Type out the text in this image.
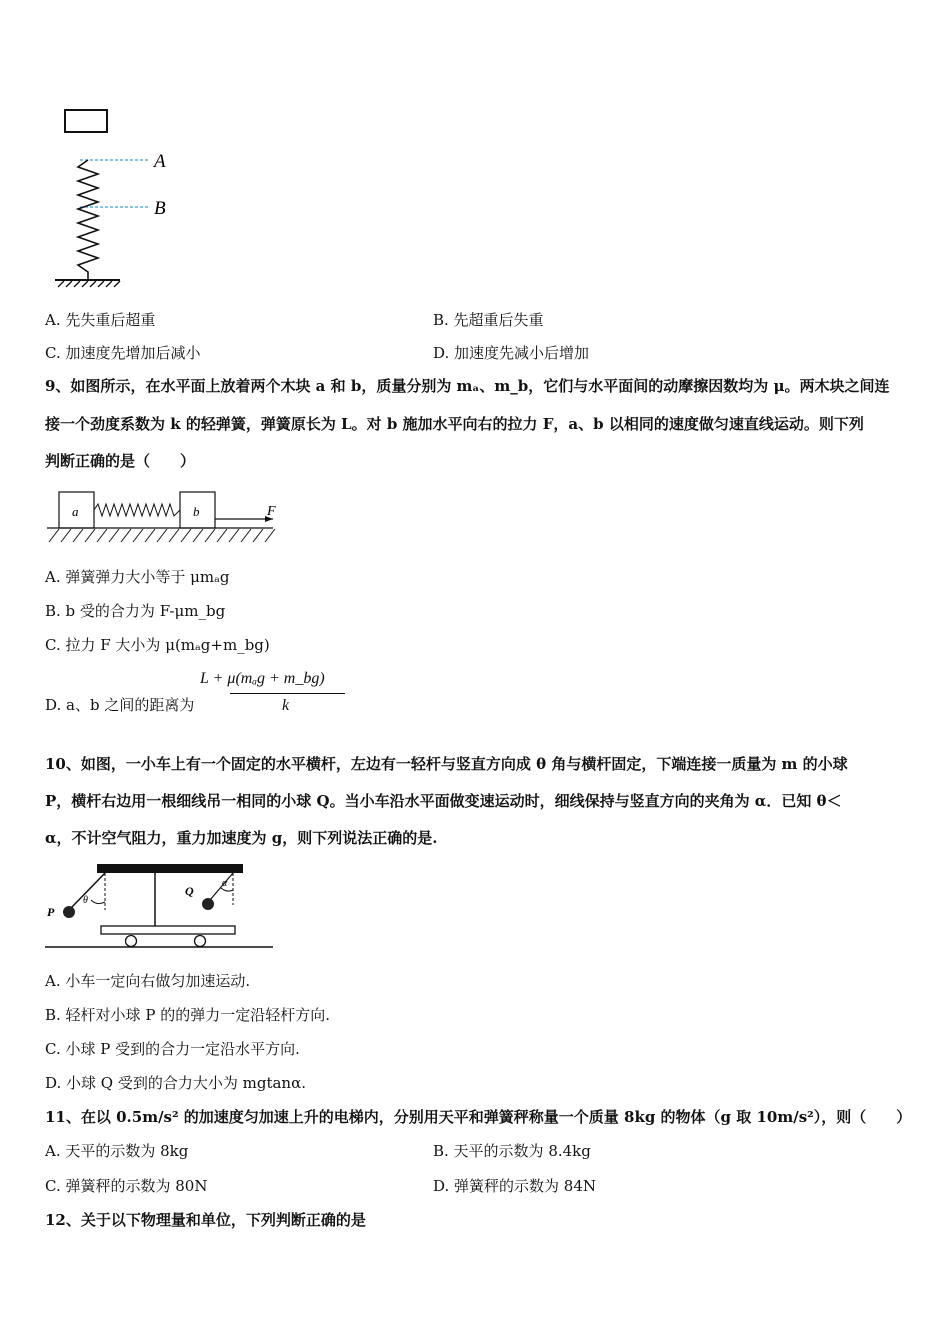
A
B
A. 先失重后超重	B. 先超重后失重
C. 加速度先增加后减小	D. 加速度先减小后增加
9、如图所示，在水平面上放着两个木块 a 和 b，质量分别为 mₐ、m_b，它们与水平面间的动摩擦因数均为 μ。两木块之间连
接一个劲度系数为 k 的轻弹簧，弹簧原长为 L。对 b 施加水平向右的拉力 F，a、b 以相同的速度做匀速直线运动。则下列
判断正确的是（　　）
a	b	F
A. 弹簧弹力大小等于 μmₐg
B. b 受的合力为 F-μm_bg
C. 拉力 F 大小为 μ(mₐg+m_bg)
D. a、b 之间的距离为
L + μ(mₐg + m_bg)
k
10、如图，一小车上有一个固定的水平横杆，左边有一轻杆与竖直方向成 θ 角与横杆固定，下端连接一质量为 m 的小球
P，横杆右边用一根细线吊一相同的小球 Q。当小车沿水平面做变速运动时，细线保持与竖直方向的夹角为 α．已知 θ＜
α，不计空气阻力，重力加速度为 g，则下列说法正确的是.
P
Q
θ
α
A. 小车一定向右做匀加速运动.
B. 轻杆对小球 P 的的弹力一定沿轻杆方向.
C. 小球 P 受到的合力一定沿水平方向.
D. 小球 Q 受到的合力大小为 mgtanα.
11、在以 0.5m/s² 的加速度匀加速上升的电梯内，分别用天平和弹簧秤称量一个质量 8kg 的物体（g 取 10m/s²），则（　　）
A. 天平的示数为 8kg	B. 天平的示数为 8.4kg
C. 弹簧秤的示数为 80N	D. 弹簧秤的示数为 84N
12、关于以下物理量和单位，下列判断正确的是
